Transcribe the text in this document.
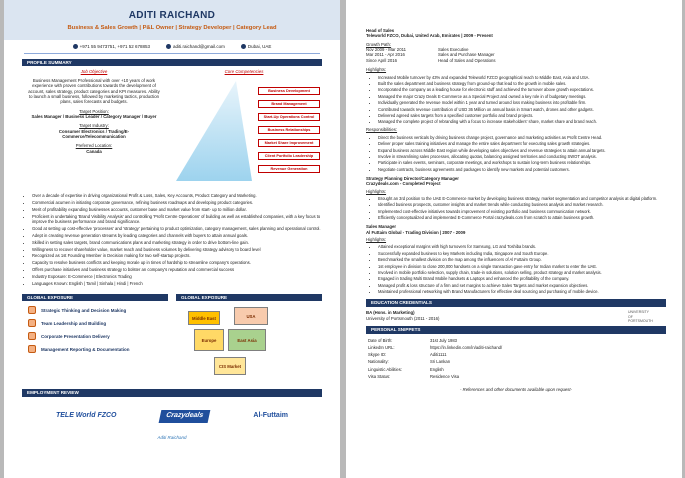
ADITI RAICHAND
Business & Sales Growth | P&L Owner | Strategy Developer | Category Lead
+971 55 9473751, +971 52 678853	aditi.raichand@gmail.com	Dubai, UAE
PROFILE SUMMARY
Job Objective
Business Management Professional with over +10 years of work experience with proven contributions towards the development of account, sales strategy, product categories and KPI measures. Ability to launch a small business, followed by marketing tactics, production plans, sales forecasts and budgets.
Target Position:
Sales Manager / Business Leader / Category Manager / Buyer
Target Industry:
Consumer Electronics / Trading/E-Commerce/Telecommunication
Preferred Location:
Canada
Core Competencies
Business Development
Brand Management
Start-Up Operations Control
Business Relationships
Market Share Improvement
Client Portfolio Leadership
Revenue Generation
• Over a decade of expertise in driving organizational Profit & Loss, Sales, Key Accounts, Product Category and Marketing.
• Commercial acumen in initiating corporate governance, refining business roadmaps and developing product categories.
• Merit of profitability expanding businesses accounts, customer base and market value from start- up to million dollar.
• Proficient in undertaking 'Brand Visibility Analysis' and controlling 'Profit Centre Operations' of building as well as established companies, with a key focus to improve the business performance and brand significance.
• Good at setting up cost-effective 'processes' and 'strategy' pertaining to product optimization, category management, sales planning and operational control.
• Adept in creating revenue generation streams by leading categories and channels with buyers to attain annual goals.
• Skilled in setting sales targets, brand communications plans and marketing strategy in order to drive bottom-line gain.
• Willingness to recover shareholder value, market reach and business volumes by delivering strategy advisory to board level
• Recognized as 1st Founding Member in Decision making for two self-startup projects.
• Capacity to resolve business conflicts and keeping morale up in times of hardship to streamline company's operations.
• Offers purchase initiatives and business strategy to bolster an company's reputation and commercial success
• Industry Exposure: E-Commerce | Electronics Trading
• Languages Known: English | Tamil | Sinhala | Hindi | French
GLOBAL EXPOSURE
Strategic Thinking and Decision Making
Team Leadership and Building
Corporate Presentation Delivery
Management Reporting & Documentation
GLOBAL EXPOSURE
Middle East	USA
Europe	East Asia
CIS Market
EMPLOYMENT REVIEW
TELE World FZCO	Crazydeals	Al-Futtaim
Aditi Raichand
Head of Sales
Teleworld FZCO, Dubai, United Arab, Emirates | 2009 - Present
Growth Path:
Nov 2009 - Mar 2011	Sales Executive
Mar 2011 - Apr 2016	Sales and Purchase Manager
Since April 2016	Head of Sales and Operations
Highlights:
• Increased Mobile turnover by 43% and expanded Teleworld FZCO geographical reach to Middle East, Asia and USA.
• Built the sales department and business strategy from ground-up that lead to the growth in mobile sales.
• Incorporated the company as a leading house for electronic stuff and achieved the turnover above growth expectations.
• Managed the major Crazy Deals E-Commerce as a Special Project and owned a key role in of budgetary meetings.
• Individually generated the revenue model within 1 year and turned around loss making business into profitable firm.
• Contributed towards revenue contribution of USD 36 Million on annual basis in Smart watch, drones and other gadgets.
• Delivered agreed sales targets from a specified customer portfolio and brand projects.
• Managed the complete project of rebranding with a focus to increase stakeholders' share, market share and brand reach.
Responsibilities:
• Direct the business verticals by driving business change project, governance and marketing activities as Profit Centre Head.
• Deliver proper sales training initiatives and manage the entire sales department for executing sales growth strategies.
• Expand business across Middle East region while developing sales objectives and revenue strategies to attain annual targets.
• Involve in streamlining sales processes, allocating quotas, balancing assigned territories and conducting SWOT analysis.
• Participate in sales events, seminars, corporate meetings, and workshops to sustain long-term business relationships.
• Negotiate contracts, business agreements and packages to identify new markets and potential customers.
Strategy Planning Director/Category Manager
Crazydeals.com - Completed Project
Highlights:
• Brought an 3rd position to the UAE E-Commerce market by developing business strategy, market segmentation and competitor analysis at digital platform.
• Identified business prospects, customer insights and market trends while conducting business analysis and market research.
• Implemented cost-effective initiatives towards improvement of existing portfolio and business communication network.
• Efficiently conceptualized and implemented E-Commerce Portal crazydeals.com from scratch to attain business growth.
Sales Manager
Al Futtaim Global - Trading Division | 2007 - 2009
Highlights:
• Attained exceptional margins with high turnovers for Samsung, LG and Toshiba brands.
• Successfully expanded business to key Markets including India, Singapore and South Europe.
• Benchmarked the smallest division on the map among the influencers of Al Futtaim Group.
• 1st employee in division to close 200,000 handsets on a single transaction gave entry for Indian market to enter the UAE.
• Involved in mobile portfolio selection, supply chain, trade-in solutions, solution selling, product strategy and market analysis.
• Engaged in trading Multi Brand Mobile handsets & Laptops and enhanced the profitability of the company.
• Managed profit & loss structure of a firm and set margins to achieve Sales Targets and market expansion objectives.
• Maintained professional networking with Brand Manufacturers for effective deal sourcing and purchasing of mobile device.
EDUCATION CREDENTIALS
BA (Hons. in Marketing)
University of Portsmouth (2011 - 2016)
UNIVERSITY OF PORTSMOUTH
PERSONAL SNIPPETS
Date of Birth:	31st July 1983
LinkedIn URL:	https://in.linkedin.com/in/aditi-raichand/
Skype ID:	Aditi1111
Nationality:	Sri Lankan
Linguistic Abilities:	English
Visa Status:	Residence Visa
- References and other documents available upon request-
